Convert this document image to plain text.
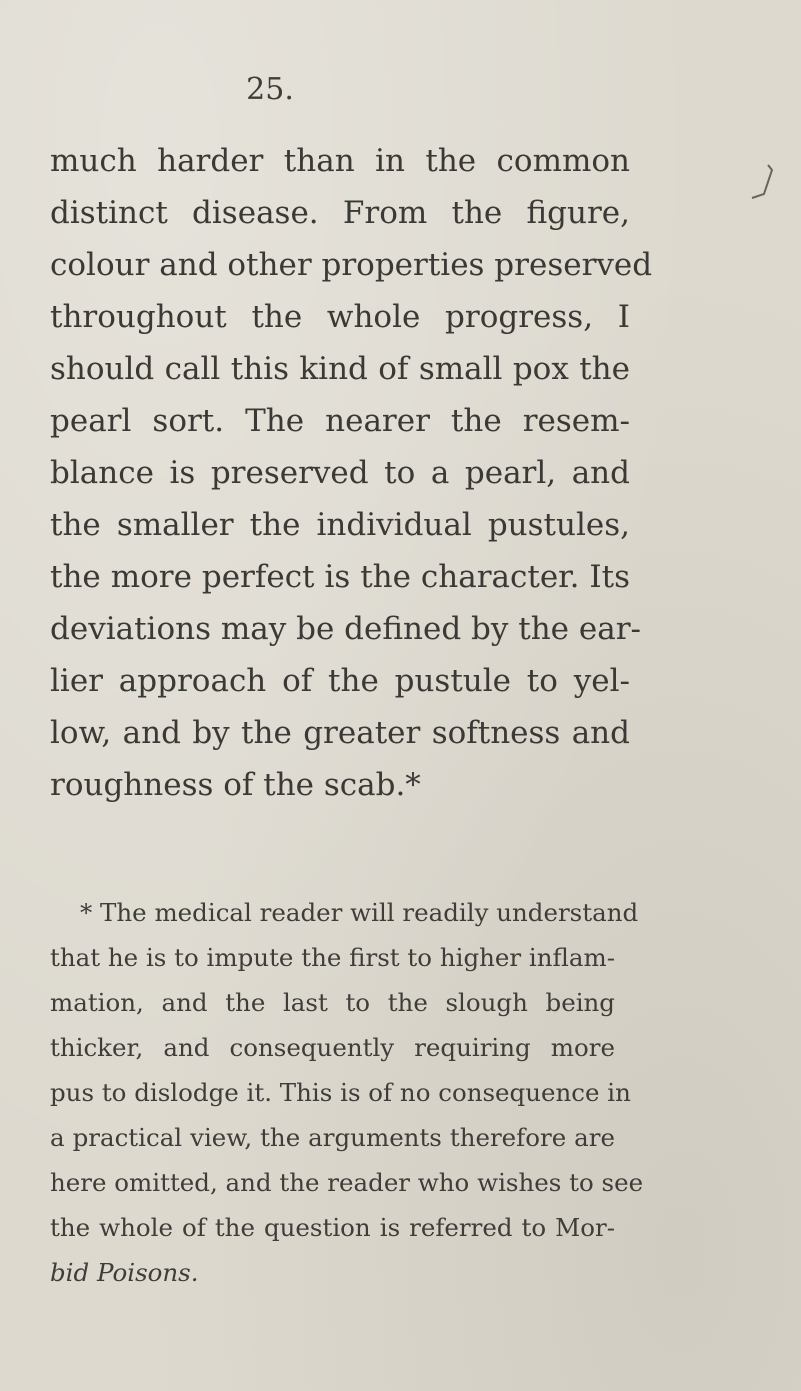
25.
much harder than in the common
distinct disease. From the figure,
colour and other properties preserved
throughout the whole progress, I
should call this kind of small pox the
pearl sort. The nearer the resem-
blance is preserved to a pearl, and
the smaller the individual pustules,
the more perfect is the character. Its
deviations may be defined by the ear-
lier approach of the pustule to yel-
low, and by the greater softness and
roughness of the scab.*
* The medical reader will readily understand
that he is to impute the first to higher inflam-
mation, and the last to the slough being
thicker, and consequently requiring more
pus to dislodge it. This is of no consequence in
a practical view, the arguments therefore are
here omitted, and the reader who wishes to see
the whole of the question is referred to Mor-
bid Poisons.
